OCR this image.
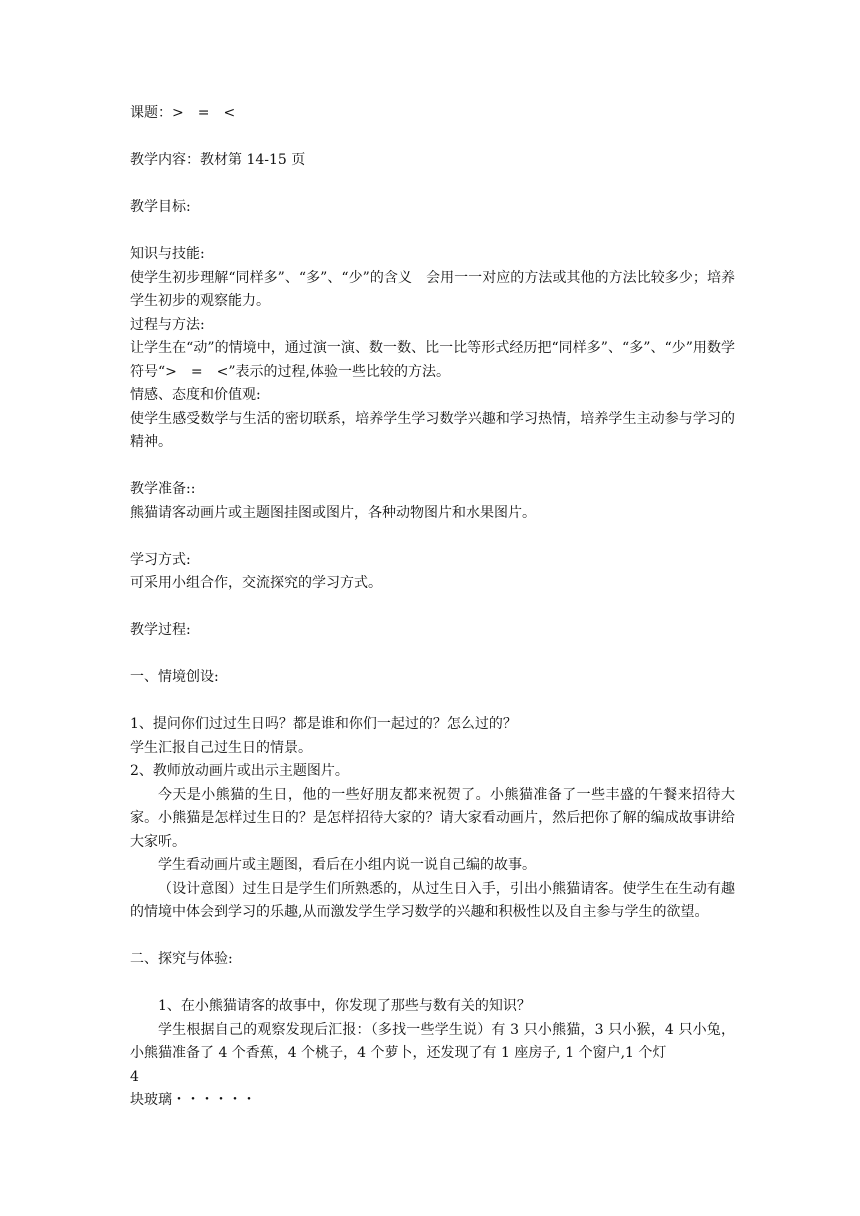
课题：>　=　<

教学内容：教材第 14-15 页

教学目标:

知识与技能:

使学生初步理解“同样多”、“多”、“少”的含义　会用一一对应的方法或其他的方法比较多少；培养学生初步的观察能力。

过程与方法:

让学生在“动”的情境中，通过演一演、数一数、比一比等形式经历把“同样多”、“多”、“少”用数学符号“>　=　<”表示的过程,体验一些比较的方法。

情感、态度和价值观:

使学生感受数学与生活的密切联系，培养学生学习数学兴趣和学习热情，培养学生主动参与学习的精神。

教学准备::

熊猫请客动画片或主题图挂图或图片，各种动物图片和水果图片。

学习方式:

可采用小组合作，交流探究的学习方式。

教学过程:

一、情境创设:

1、提问你们过过生日吗？都是谁和你们一起过的？怎么过的？

学生汇报自己过生日的情景。

2、教师放动画片或出示主题图片。

今天是小熊猫的生日，他的一些好朋友都来祝贺了。小熊猫准备了一些丰盛的午餐来招待大家。小熊猫是怎样过生日的？是怎样招待大家的？请大家看动画片，然后把你了解的编成故事讲给大家听。

学生看动画片或主题图，看后在小组内说一说自己编的故事。

（设计意图）过生日是学生们所熟悉的，从过生日入手，引出小熊猫请客。使学生在生动有趣的情境中体会到学习的乐趣,从而激发学生学习数学的兴趣和积极性以及自主参与学生的欲望。

二、探究与体验:

1、在小熊猫请客的故事中，你发现了那些与数有关的知识？

学生根据自己的观察发现后汇报：（多找一些学生说）有 3 只小熊猫，3 只小猴，4 只小兔，小熊猫准备了 4 个香蕉，4 个桃子，4 个萝卜，还发现了有 1 座房子, 1 个窗户,1 个灯

4

块玻璃・・・・・・
